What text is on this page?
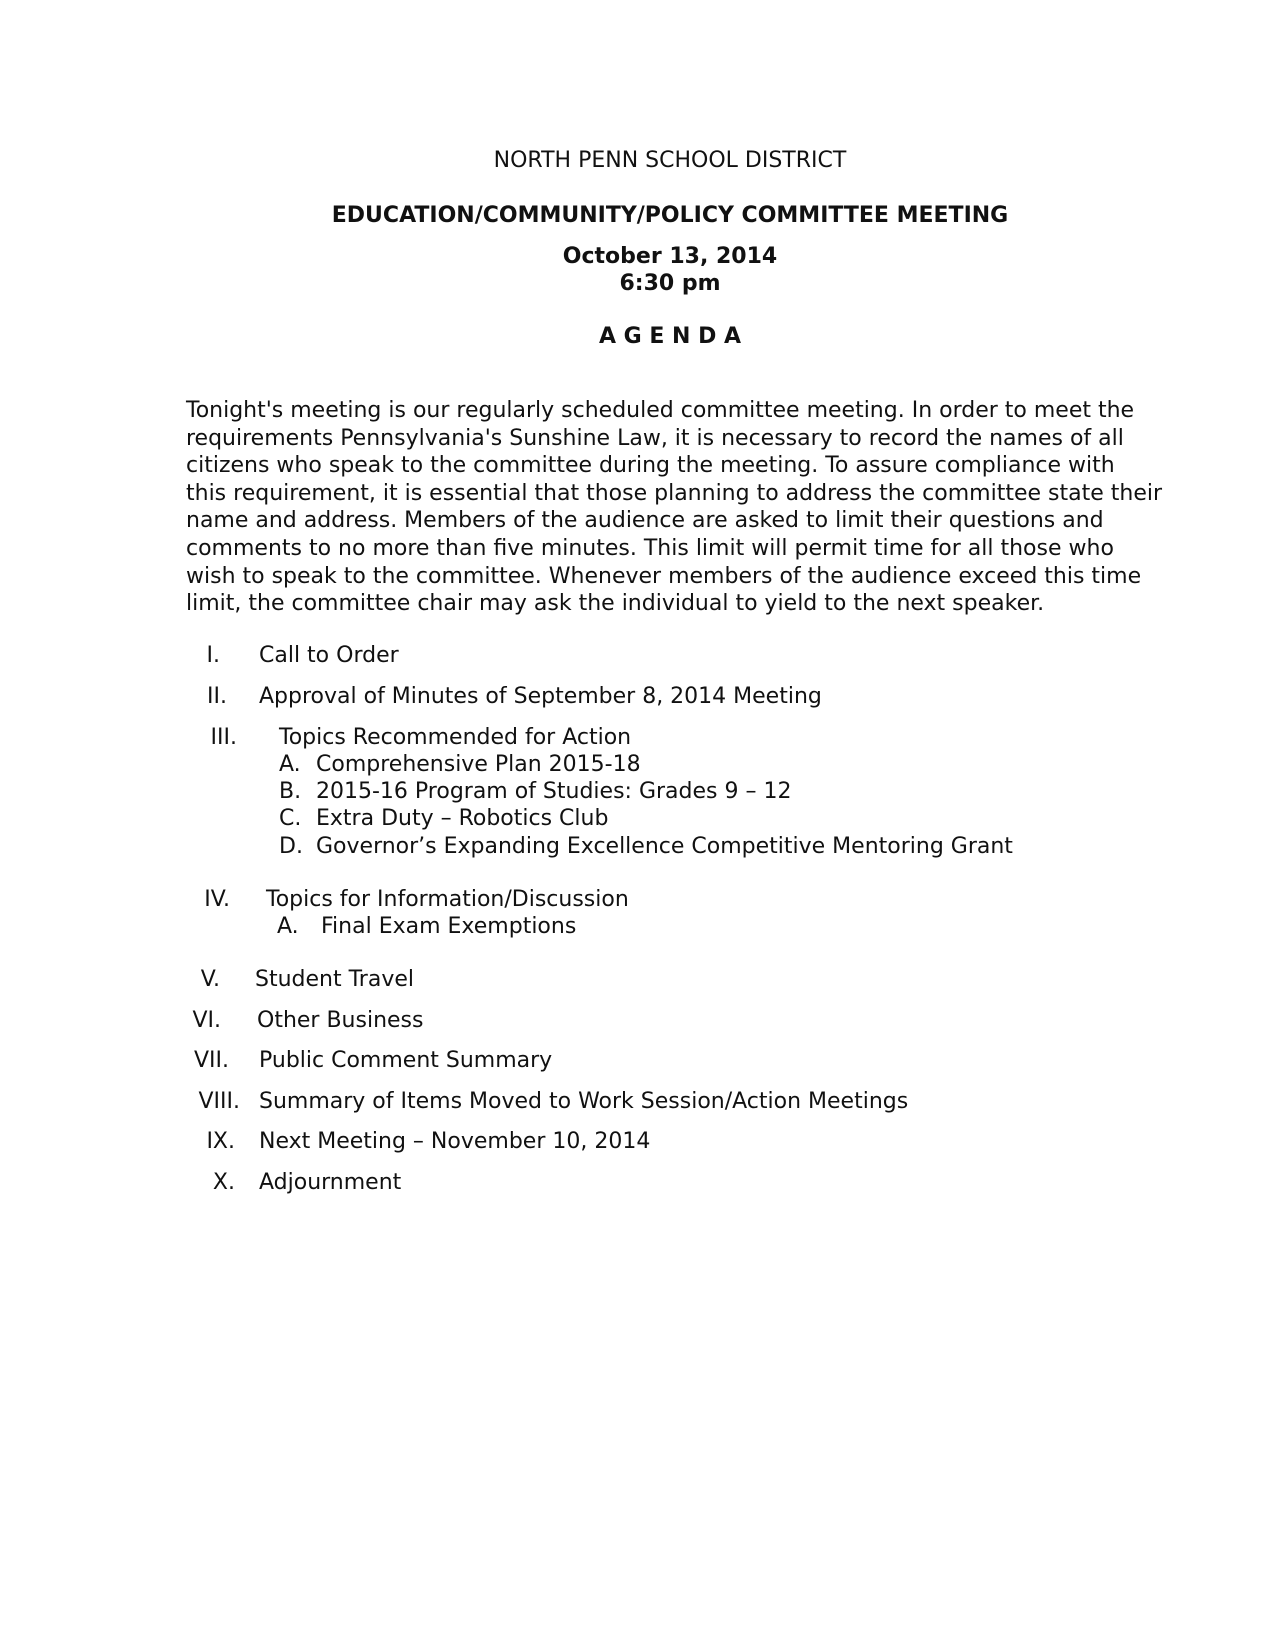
NORTH PENN SCHOOL DISTRICT
EDUCATION/COMMUNITY/POLICY COMMITTEE MEETING
October 13, 2014
6:30 pm
A G E N D A
Tonight's meeting is our regularly scheduled committee meeting. In order to meet the
requirements Pennsylvania's Sunshine Law, it is necessary to record the names of all
citizens who speak to the committee during the meeting. To assure compliance with
this requirement, it is essential that those planning to address the committee state their
name and address. Members of the audience are asked to limit their questions and
comments to no more than five minutes. This limit will permit time for all those who
wish to speak to the committee. Whenever members of the audience exceed this time
limit, the committee chair may ask the individual to yield to the next speaker.
I. Call to Order
II. Approval of Minutes of September 8, 2014 Meeting
III. Topics Recommended for Action
A. Comprehensive Plan 2015-18
B. 2015-16 Program of Studies: Grades 9 – 12
C. Extra Duty – Robotics Club
D. Governor’s Expanding Excellence Competitive Mentoring Grant
IV. Topics for Information/Discussion
A. Final Exam Exemptions
V. Student Travel
VI. Other Business
VII. Public Comment Summary
VIII. Summary of Items Moved to Work Session/Action Meetings
IX. Next Meeting – November 10, 2014
X. Adjournment
